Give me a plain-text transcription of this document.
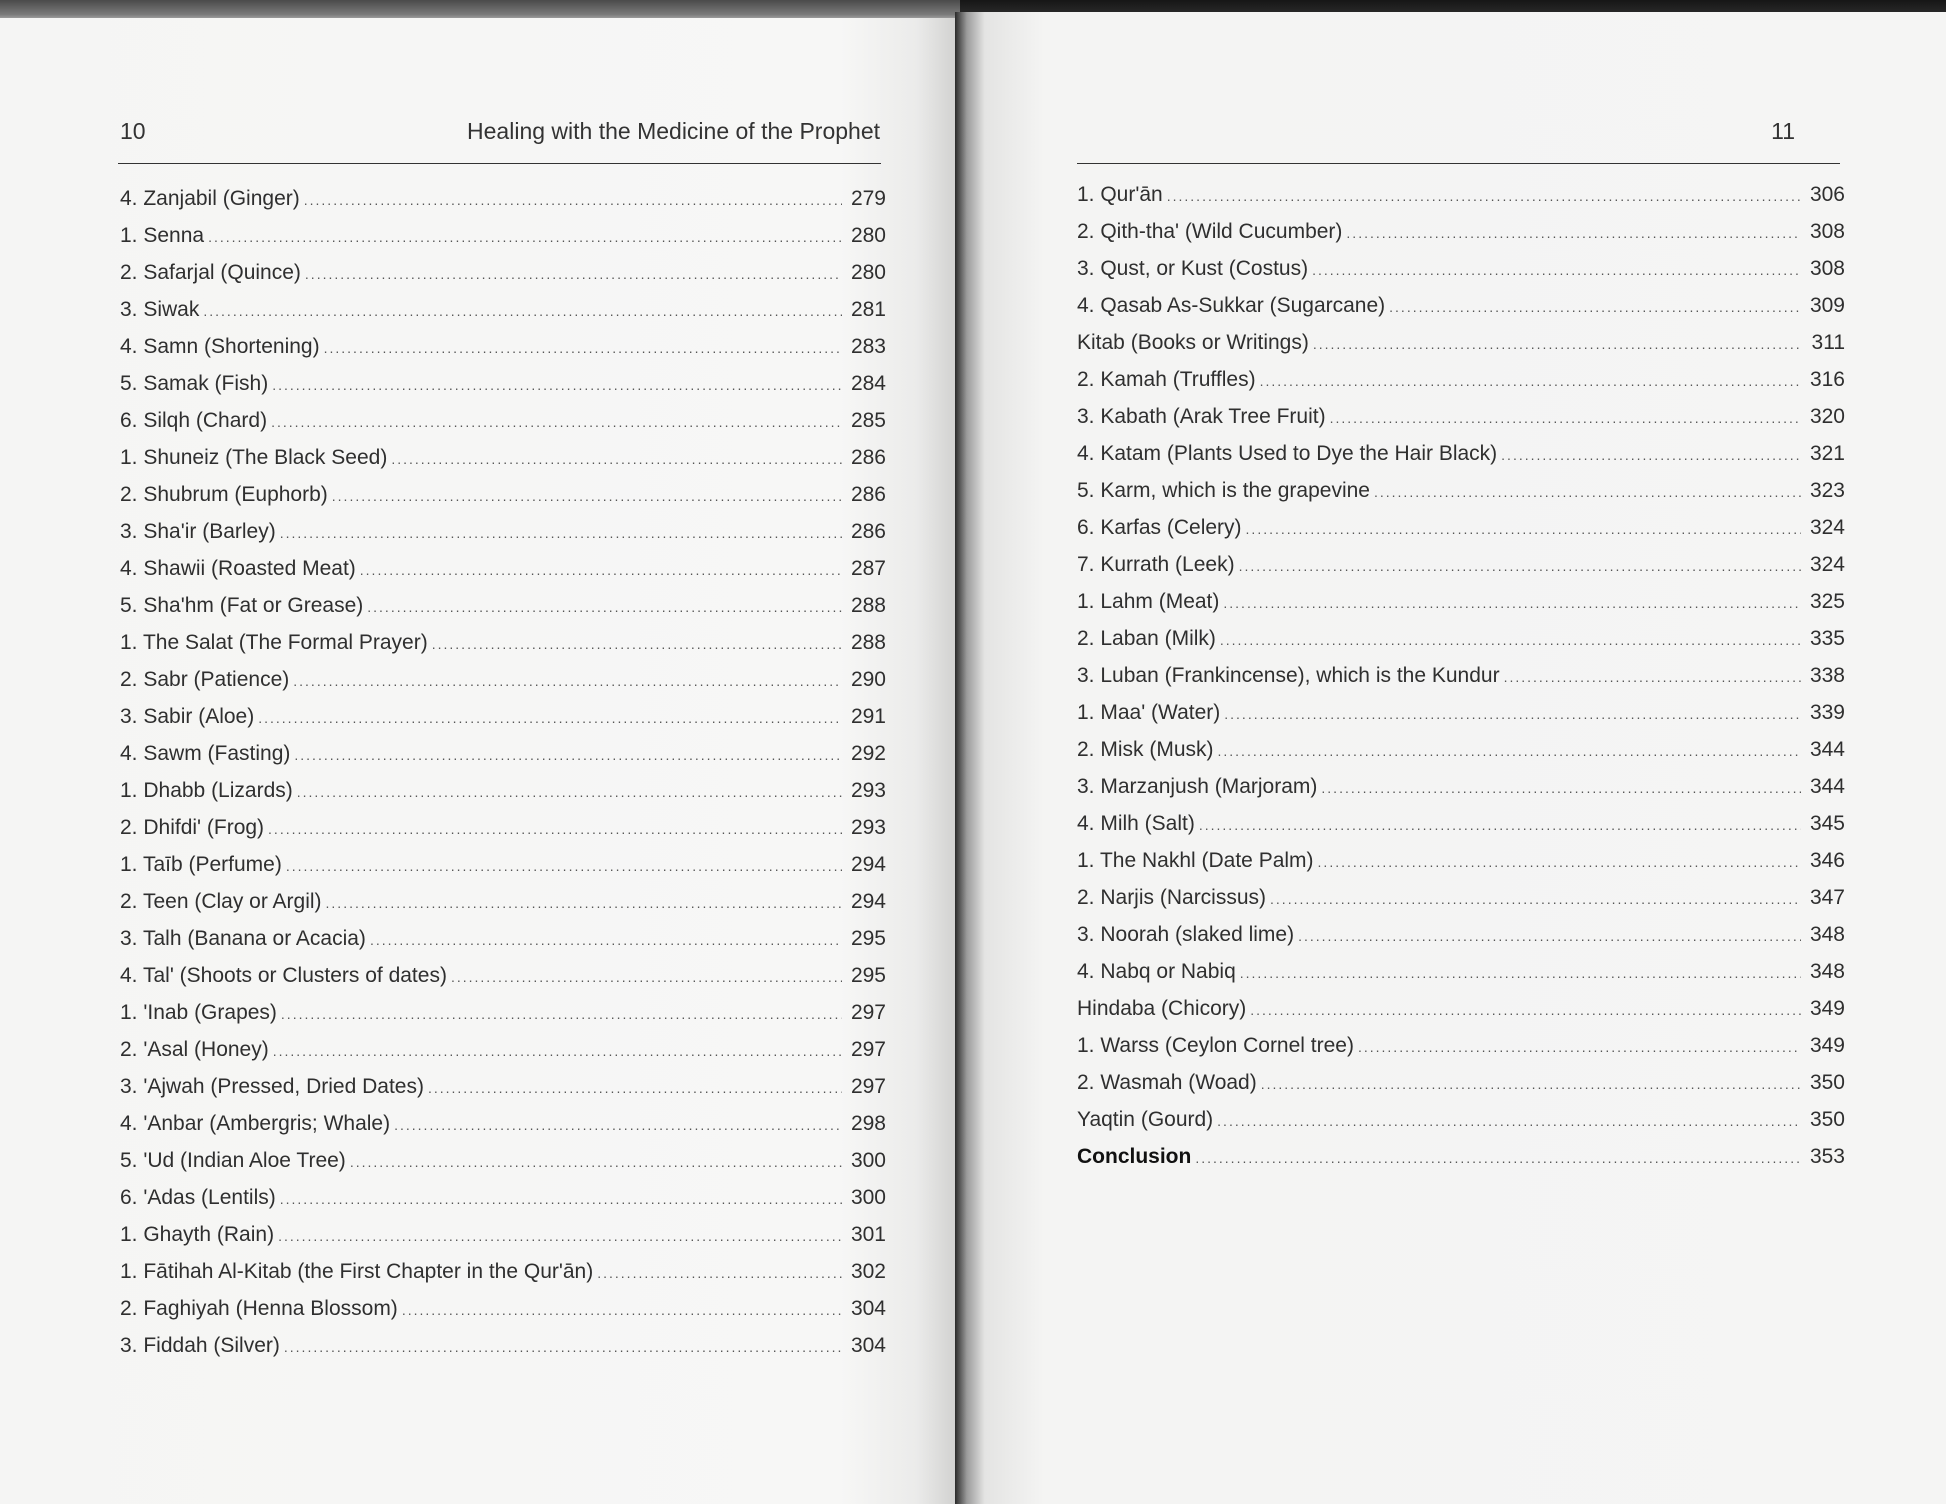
10	Healing with the Medicine of the Prophet
4. Zanjabil (Ginger) .....	279
1. Senna .....	280
2. Safarjal (Quince) .....	280
3. Siwak .....	281
4. Samn (Shortening) .....	283
5. Samak (Fish) .....	284
6. Silqh (Chard) .....	285
1. Shuneiz (The Black Seed) .....	286
2. Shubrum (Euphorb) .....	286
3. Sha'ir (Barley) .....	286
4. Shawii (Roasted Meat) .....	287
5. Sha'hm (Fat or Grease) .....	288
1. The Salat (The Formal Prayer) .....	288
2. Sabr (Patience) .....	290
3. Sabir (Aloe) .....	291
4. Sawm (Fasting) .....	292
1. Dhabb (Lizards) .....	293
2. Dhifdi' (Frog) .....	293
1. Taīb (Perfume) .....	294
2. Teen (Clay or Argil) .....	294
3. Talh (Banana or Acacia) .....	295
4. Tal' (Shoots or Clusters of dates) .....	295
1. 'Inab (Grapes) .....	297
2. 'Asal (Honey) .....	297
3. 'Ajwah (Pressed, Dried Dates) .....	297
4. 'Anbar (Ambergris; Whale) .....	298
5. 'Ud (Indian Aloe Tree) .....	300
6. 'Adas (Lentils) .....	300
1. Ghayth (Rain) .....	301
1. Fātihah Al-Kitab (the First Chapter in the Qur'ān) .....	302
2. Faghiyah (Henna Blossom) .....	304
3. Fiddah (Silver) .....	304
11
1. Qur'ān .....	306
2. Qith-tha' (Wild Cucumber) .....	308
3. Qust, or Kust (Costus) .....	308
4. Qasab As-Sukkar (Sugarcane) .....	309
Kitab (Books or Writings) .....	311
2. Kamah (Truffles) .....	316
3. Kabath (Arak Tree Fruit) .....	320
4. Katam (Plants Used to Dye the Hair Black) .....	321
5. Karm, which is the grapevine .....	323
6. Karfas (Celery) .....	324
7. Kurrath (Leek) .....	324
1. Lahm (Meat) .....	325
2. Laban (Milk) .....	335
3. Luban (Frankincense), which is the Kundur .....	338
1. Maa' (Water) .....	339
2. Misk (Musk) .....	344
3. Marzanjush (Marjoram) .....	344
4. Milh (Salt) .....	345
1. The Nakhl (Date Palm) .....	346
2. Narjis (Narcissus) .....	347
3. Noorah (slaked lime) .....	348
4. Nabq or Nabiq .....	348
Hindaba (Chicory) .....	349
1. Warss (Ceylon Cornel tree) .....	349
2. Wasmah (Woad) .....	350
Yaqtin (Gourd) .....	350
Conclusion .....	353
